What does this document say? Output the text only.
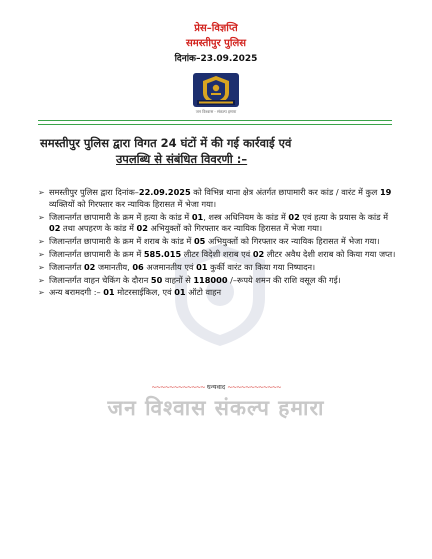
प्रेस–विज्ञप्ति
समस्तीपुर पुलिस
दिनांक–23.09.2025
जन विश्वास · संकल्प हमारा
समस्तीपुर पुलिस द्वारा विगत 24 घंटों में की गई कार्रवाई एवं
उपलब्धि से संबंधित विवरणी :–
➢ समस्तीपुर पुलिस द्वारा दिनांक–22.09.2025 को विभिन्न थाना क्षेत्र अंतर्गत छापामारी कर कांड / वारंट में कुल 19 व्यक्तियों को गिरफ्तार कर न्यायिक हिरासत में भेजा गया।
➢ जिलान्तर्गत छापामारी के क्रम में हत्या के कांड में 01, शस्त्र अधिनियम के कांड में 02 एवं हत्या के प्रयास के कांड में 02 तथा अपहरण के कांड में 02 अभियुक्तों को गिरफ्तार कर न्यायिक हिरासत में भेजा गया।
➢ जिलान्तर्गत छापामारी के क्रम में शराब के कांड में 05 अभियुक्तों को गिरफ्तार कर न्यायिक हिरासत में भेजा गया।
➢ जिलान्तर्गत छापामारी के क्रम में 585.015 लीटर विदेशी शराब एवं 02 लीटर अवैध देशी शराब को किया गया जप्त।
➢ जिलान्तर्गत 02 जमानतीय, 06 अजमानतीय एवं 01 कुर्की वारंट का किया गया निष्पादन।
➢ जिलान्तर्गत वाहन चेकिंग के दौरान 50 वाहनों से 118000 /–रूपये शमन की राशि वसूल की गई।
➢ अन्य बरामदगी :– 01 मोटरसाईकिल, एवं 01 ऑटो वाहन
जन विश्वास संकल्प हमारा
~~~~~~~~~~~~ धन्यवाद ~~~~~~~~~~~~
